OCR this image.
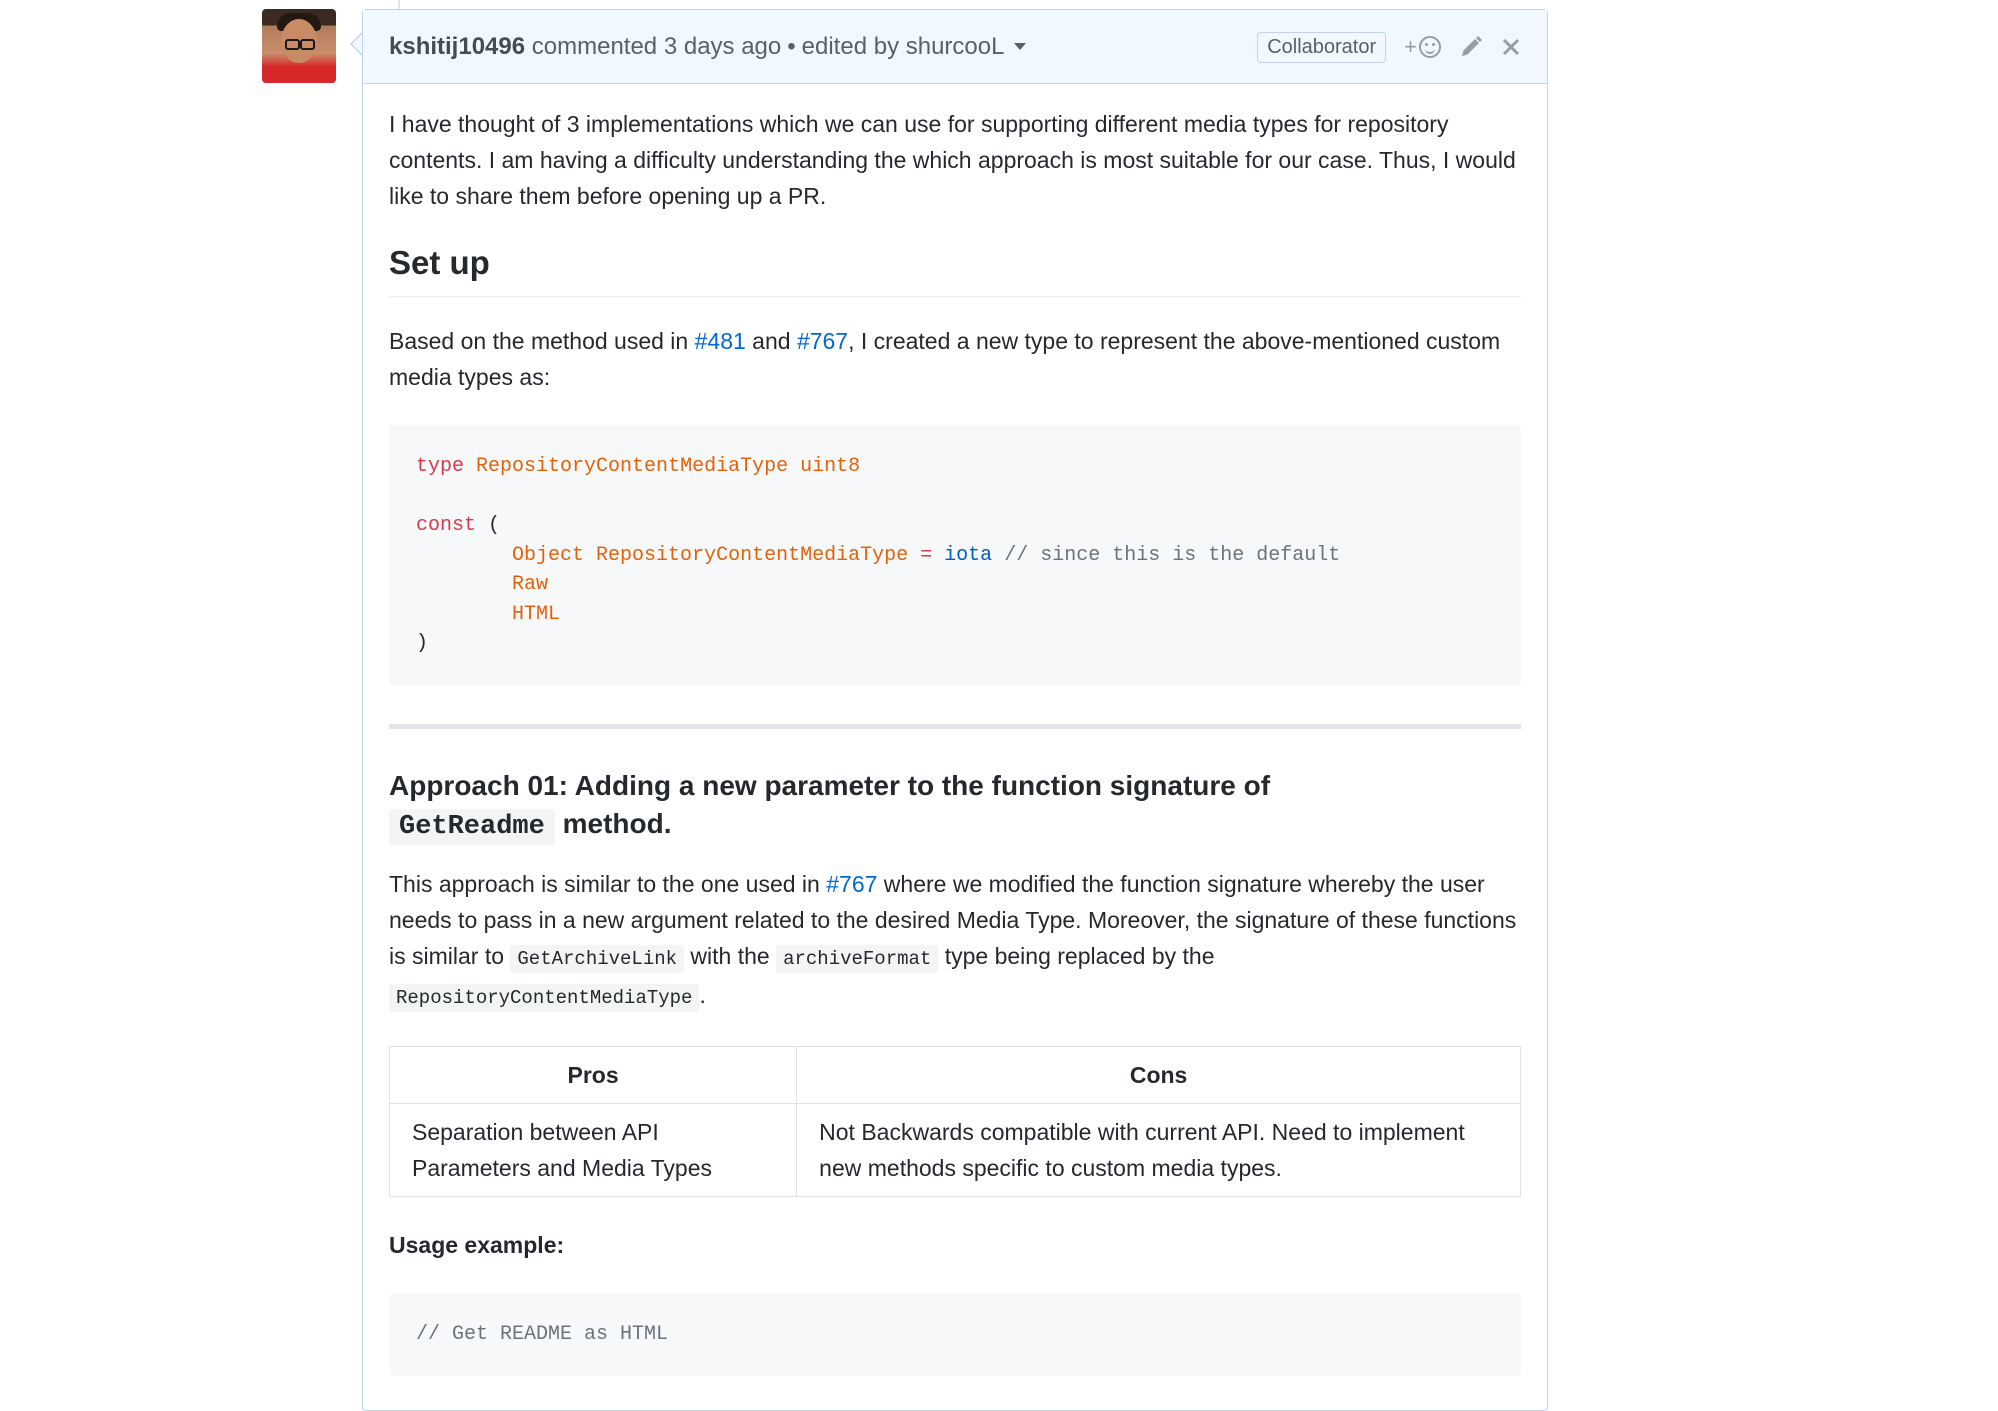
kshitij10496
commented
3 days ago • edited by shurcooL	Collaborator	+

I have thought of 3 implementations which we can use for supporting different media types for repository contents. I am having a difficulty understanding the which approach is most suitable for our case. Thus, I would like to share them before opening up a PR.

Set up

Based on the method used in #481 and #767, I created a new type to represent the above-mentioned custom media types as:

type RepositoryContentMediaType uint8

const (
Object RepositoryContentMediaType = iota // since this is the default
Raw
HTML
)
Approach 01: Adding a new parameter to the function signature of
GetReadme method.

This approach is similar to the one used in #767 where we modified the function signature whereby the user needs to pass in a new argument related to the desired Media Type. Moreover, the signature of these functions is similar to GetArchiveLink with the archiveFormat type being replaced by the
RepositoryContentMediaType .

Pros	Cons
Separation between API Parameters and Media Types	Not Backwards compatible with current API. Need to implement new methods specific to custom media types.

Usage example:

// Get README as HTML
